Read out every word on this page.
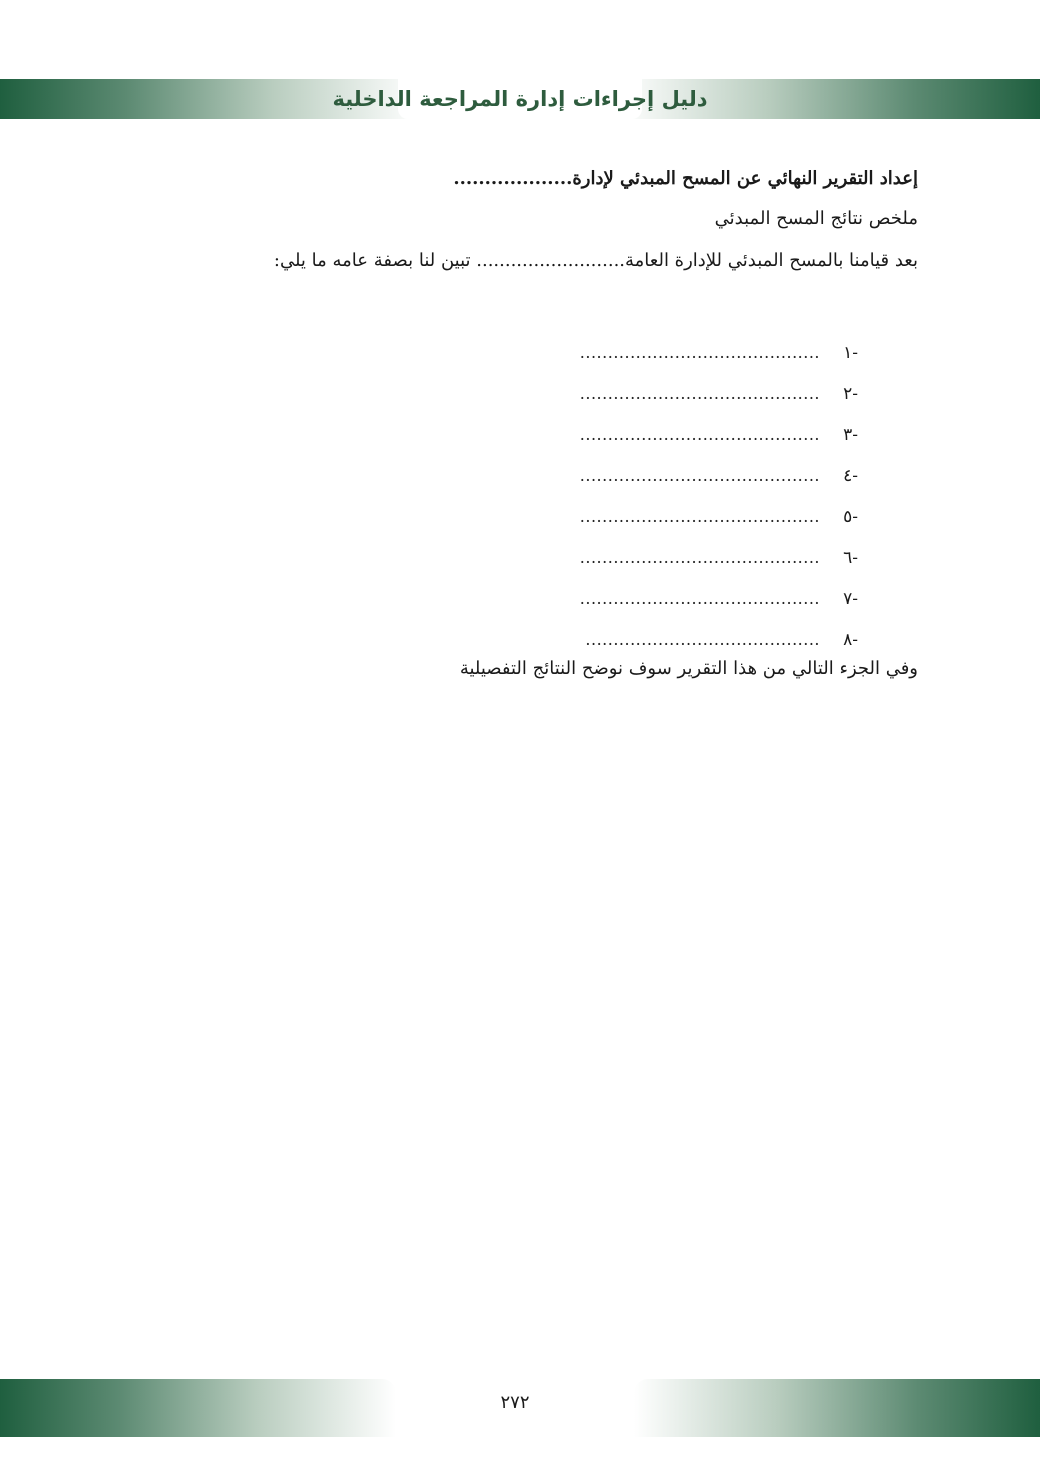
دليل إجراءات إدارة المراجعة الداخلية
إعداد التقرير النهائي عن المسح المبدئي لإدارة...................
ملخص نتائج المسح المبدئي
بعد قيامنا بالمسح المبدئي للإدارة العامة.......................... تبين لنا بصفة عامه ما يلي:
-١
...........................................
-٢
...........................................
-٣
...........................................
-٤
...........................................
-٥
...........................................
-٦
...........................................
-٧
...........................................
-٨
..........................................
وفي الجزء التالي من هذا التقرير سوف نوضح النتائج التفصيلية
٢٧٢
